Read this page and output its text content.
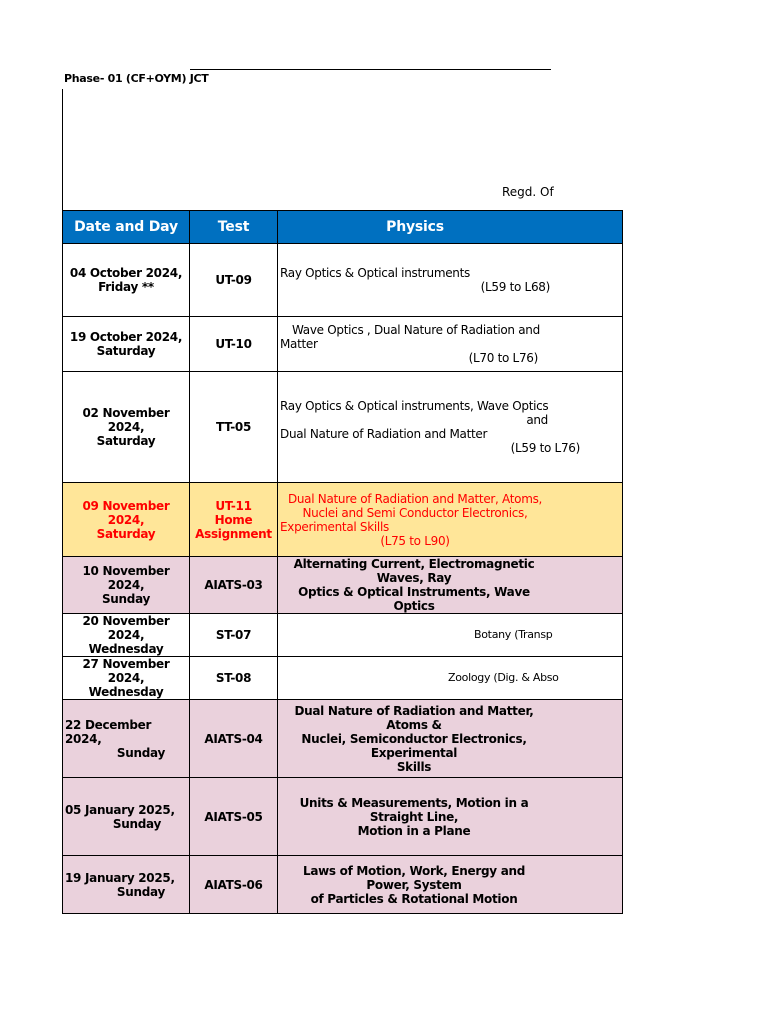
Phase- 01 (CF+OYM) JCT
Regd. Of
Date and Day	Test	Physics
04 October 2024,
Friday **	UT-09	Ray Optics & Optical instruments
(L59 to L68)

19 October 2024,
Saturday	UT-10	Wave Optics , Dual Nature of Radiation and
Matter
(L70 to L76)

02 November 2024,
Saturday	TT-05	Ray Optics & Optical instruments, Wave Optics
and
Dual Nature of Radiation and Matter
(L59 to L76)

09 November 2024,
Saturday	UT-11
Home
Assignment	Dual Nature of Radiation and Matter, Atoms,
Nuclei and Semi Conductor Electronics,
Experimental Skills
(L75 to L90)

10 November 2024,
Sunday	AIATS-03	Alternating Current, Electromagnetic Waves, Ray
Optics & Optical Instruments, Wave Optics

20 November 2024,
Wednesday	ST-07	Botany (Transp

27 November 2024,
Wednesday	ST-08	Zoology (Dig. & Abso

22 December 2024,
Sunday	AIATS-04	Dual Nature of Radiation and Matter, Atoms &
Nuclei, Semiconductor Electronics, Experimental
Skills

05 January 2025,
Sunday	AIATS-05	Units & Measurements, Motion in a Straight Line,
Motion in a Plane

19 January 2025,
Sunday	AIATS-06	Laws of Motion, Work, Energy and Power, System
of Particles & Rotational Motion
